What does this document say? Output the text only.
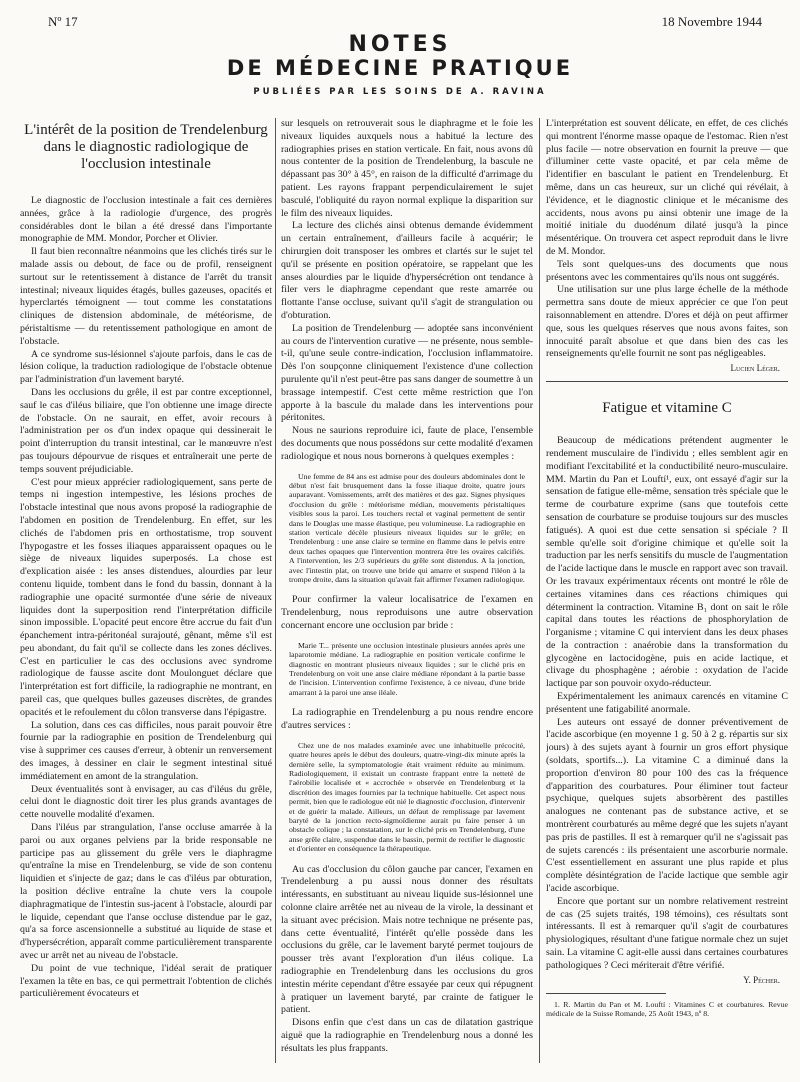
Nº 17	18 Novembre 1944
NOTES
DE MÉDECINE PRATIQUE
PUBLIÉES PAR LES SOINS DE A. RAVINA
L'intérêt de la position de Trendelenburg dans le diagnostic radiologique de l'occlusion intestinale

Le diagnostic de l'occlusion intestinale a fait ces dernières années, grâce à la radiologie d'urgence, des progrès considérables dont le bilan a été dressé dans l'importante monographie de MM. Mondor, Porcher et Olivier.

Il faut bien reconnaître néanmoins que les clichés tirés sur le malade assis ou debout, de face ou de profil, renseignent surtout sur le retentissement à distance de l'arrêt du transit intestinal; niveaux liquides étagés, bulles gazeuses, opacités et hyperclartés témoignent — tout comme les constatations cliniques de distension abdominale, de météorisme, de péristaltisme — du retentissement pathologique en amont de l'obstacle.

A ce syndrome sus-lésionnel s'ajoute parfois, dans le cas de lésion colique, la traduction radiologique de l'obstacle obtenue par l'administration d'un lavement baryté.

Dans les occlusions du grêle, il est par contre exceptionnel, sauf le cas d'iléus biliaire, que l'on obtienne une image directe de l'obstacle. On ne saurait, en effet, avoir recours à l'administration per os d'un index opaque qui dessinerait le point d'interruption du transit intestinal, car le manœuvre n'est pas toujours dépourvue de risques et entraînerait une perte de temps souvent préjudiciable.

C'est pour mieux apprécier radiologiquement, sans perte de temps ni ingestion intempestive, les lésions proches de l'obstacle intestinal que nous avons proposé la radiographie de l'abdomen en position de Trendelenburg. En effet, sur les clichés de l'abdomen pris en orthostatisme, trop souvent l'hypogastre et les fosses iliaques apparaissent opaques ou le siège de niveaux liquides superposés. La chose est d'explication aisée : les anses distendues, alourdies par leur contenu liquide, tombent dans le fond du bassin, donnant à la radiographie une opacité surmontée d'une série de niveaux liquides dont la superposition rend l'interprétation difficile sinon impossible. L'opacité peut encore être accrue du fait d'un épanchement intra-péritonéal surajouté, gênant, même s'il est peu abondant, du fait qu'il se collecte dans les zones déclives. C'est en particulier le cas des occlusions avec syndrome radiologique de fausse ascite dont Moulonguet déclare que l'interprétation est fort difficile, la radiographie ne montrant, en pareil cas, que quelques bulles gazeuses discrètes, de grandes opacités et le refoulement du côlon transverse dans l'épigastre.

La solution, dans ces cas difficiles, nous parait pouvoir être fournie par la radiographie en position de Trendelenburg qui vise à supprimer ces causes d'erreur, à obtenir un renversement des images, à dessiner en clair le segment intestinal situé immédiatement en amont de la strangulation.

Deux éventualités sont à envisager, au cas d'iléus du grêle, celui dont le diagnostic doit tirer les plus grands avantages de cette nouvelle modalité d'examen.

Dans l'iléus par strangulation, l'anse occluse amarrée à la paroi ou aux organes pelviens par la bride responsable ne participe pas au glissement du grêle vers le diaphragme qu'entraîne la mise en Trendelenburg, se vide de son contenu liquidien et s'injecte de gaz; dans le cas d'iléus par obturation, la position déclive entraîne la chute vers la coupole diaphragmatique de l'intestin sus-jacent à l'obstacle, alourdi par le liquide, cependant que l'anse occluse distendue par le gaz, qu'a sa force ascensionnelle a substitué au liquide de stase et d'hypersécrétion, apparaît comme particulièrement transparente avec ur arrêt net au niveau de l'obstacle.

Du point de vue technique, l'idéal serait de pratiquer l'examen la tête en bas, ce qui permettrait l'obtention de clichés particulièrement évocateurs et

sur lesquels on retrouverait sous le diaphragme et le foie les niveaux liquides auxquels nous a habitué la lecture des radiographies prises en station verticale. En fait, nous avons dû nous contenter de la position de Trendelenburg, la bascule ne dépassant pas 30° à 45°, en raison de la difficulté d'arrimage du patient. Les rayons frappant perpendiculairement le sujet basculé, l'obliquité du rayon normal explique la disparition sur le film des niveaux liquides.

La lecture des clichés ainsi obtenus demande évidemment un certain entraînement, d'ailleurs facile à acquérir; le chirurgien doit transposer les ombres et clartés sur le sujet tel qu'il se présente en position opératoire, se rappelant que les anses alourdies par le liquide d'hypersécrétion ont tendance à filer vers le diaphragme cependant que reste amarrée ou flottante l'anse occluse, suivant qu'il s'agit de strangulation ou d'obturation.

La position de Trendelenburg — adoptée sans inconvénient au cours de l'intervention curative — ne présente, nous semble-t-il, qu'une seule contre-indication, l'occlusion inflammatoire. Dès l'on soupçonne cliniquement l'existence d'une collection purulente qu'il n'est peut-être pas sans danger de soumettre à un brassage intempestif. C'est cette même restriction que l'on apporte à la bascule du malade dans les interventions pour péritonites.

Nous ne saurions reproduire ici, faute de place, l'ensemble des documents que nous possédons sur cette modalité d'examen radiologique et nous nous bornerons à quelques exemples :

Une femme de 84 ans est admise pour des douleurs abdominales dont le début n'est fait brusquement dans la fosse iliaque droite, quatre jours auparavant. Vomissements, arrêt des matières et des gaz. Signes physiques d'occlusion du grêle : météorisme médian, mouvements péristaltiques visibles sous la paroi. Les touchers rectal et vaginal permettent de sentir dans le Douglas une masse élastique, peu volumineuse. La radiographie en station verticale décèle plusieurs niveaux liquides sur le grêle; en Trendelenburg : une anse claire se termine en flamme dans le pelvis entre deux taches opaques que l'intervention montrera être les ovaires calcifiés. A l'intervention, les 2/3 supérieurs du grêle sont distendus. A la jonction, avec l'intestin plat, on trouve une bride qui amarre et suspend l'iléon à la trompe droite, dans la situation qu'avait fait affirmer l'examen radiologique.

Pour confirmer la valeur localisatrice de l'examen en Trendelenburg, nous reproduisons une autre observation concernant encore une occlusion par bride :

Marie T... présente une occlusion intestinale plusieurs années après une laparotomie médiane. La radiographie en position verticale confirme le diagnostic en montrant plusieurs niveaux liquides ; sur le cliché pris en Trendelenburg on voit une anse claire médiane répondant à la partie basse de l'incision. L'intervention confirme l'existence, à ce niveau, d'une bride amarrant à la paroi une anse iléale.

La radiographie en Trendelenburg a pu nous rendre encore d'autres services :

Chez une de nos malades examinée avec une inhabituelle précocité, quatre heures après le début des douleurs, quatre-vingt-dix minute après la dernière selle, la symptomatologie était vraiment réduite au minimum. Radiologiquement, il existait un contraste frappant entre la netteté de l'aérobilie localisée et « accrochée » observée en Trendelenburg et la discrétion des images fournies par la technique habituelle. Cet aspect nous permit, bien que le radiologue eût nié le diagnostic d'occlusion, d'intervenir et de guérir la malade. Ailleurs, un défaut de remplissage par lavement baryté de la jonction recto-sigmoïdienne aurait pu faire penser à un obstacle colique ; la constatation, sur le cliché pris en Trendelenburg, d'une anse grêle claire, suspendue dans le bassin, permit de rectifier le diagnostic et d'orienter en conséquence la thérapeutique.

Au cas d'occlusion du côlon gauche par cancer, l'examen en Trendelenburg a pu aussi nous donner des résultats intéressants, en substituant au niveau liquide sus-lésionnel une colonne claire arrêtée net au niveau de la virole, la dessinant et la situant avec précision. Mais notre technique ne présente pas, dans cette éventualité, l'intérêt qu'elle possède dans les occlusions du grêle, car le lavement baryté permet toujours de pousser très avant l'exploration d'un iléus colique. La radiographie en Trendelenburg dans les occlusions du gros intestin mérite cependant d'être essayée par ceux qui répugnent à pratiquer un lavement baryté, par crainte de fatiguer le patient.

Disons enfin que c'est dans un cas de dilatation gastrique aiguë que la radiographie en Trendelenburg nous a donné les résultats les plus frappants.

L'interprétation est souvent délicate, en effet, de ces clichés qui montrent l'énorme masse opaque de l'estomac. Rien n'est plus facile — notre observation en fournit la preuve — que d'illuminer cette vaste opacité, et par cela même de l'identifier en basculant le patient en Trendelenburg. Et même, dans un cas heureux, sur un cliché qui révélait, à l'évidence, et le diagnostic clinique et le mécanisme des accidents, nous avons pu ainsi obtenir une image de la moitié initiale du duodénum dilaté jusqu'à la pince mésentérique. On trouvera cet aspect reproduit dans le livre de M. Mondor.

Tels sont quelques-uns des documents que nous présentons avec les commentaires qu'ils nous ont suggérés.

Une utilisation sur une plus large échelle de la méthode permettra sans doute de mieux apprécier ce que l'on peut raisonnablement en attendre. D'ores et déjà on peut affirmer que, sous les quelques réserves que nous avons faites, son innocuité paraît absolue et que dans bien des cas les renseignements qu'elle fournit ne sont pas négligeables.

Lucien Léger.
Fatigue et vitamine C

Beaucoup de médications prétendent augmenter le rendement musculaire de l'individu ; elles semblent agir en modifiant l'excitabilité et la conductibilité neuro-musculaire. MM. Martin du Pan et Louftí¹, eux, ont essayé d'agir sur la sensation de fatigue elle-même, sensation très spéciale que le terme de courbature exprime (sans que toutefois cette sensation de courbature se produise toujours sur des muscles fatigués). A quoi est due cette sensation si spéciale ? Il semble qu'elle soit d'origine chimique et qu'elle soit la traduction par les nerfs sensitifs du muscle de l'augmentation de l'acide lactique dans le muscle en rapport avec son travail. Or les travaux expérimentaux récents ont montré le rôle de certaines vitamines dans ces réactions chimiques qui déterminent la contraction. Vitamine B₁ dont on sait le rôle capital dans toutes les réactions de phosphorylation de l'organisme ; vitamine C qui intervient dans les deux phases de la contraction : anaérobie dans la transformation du glycogène en lactocidogène, puis en acide lactique, et clivage du phosphagène ; aérobie : oxydation de l'acide lactique par son pouvoir oxydo-réducteur.

Expérimentalement les animaux carencés en vitamine C présentent une fatigabilité anormale.

Les auteurs ont essayé de donner préventivement de l'acide ascorbique (en moyenne 1 g. 50 à 2 g. répartis sur six jours) à des sujets ayant à fournir un gros effort physique (soldats, sportifs...). La vitamine C a diminué dans la proportion d'environ 80 pour 100 des cas la fréquence d'apparition des courbatures. Pour éliminer tout facteur psychique, quelques sujets absorbèrent des pastilles analogues ne contenant pas de substance active, et se montrèrent courbaturés au même degré que les sujets n'ayant pas pris de pastilles. Il est à remarquer qu'il ne s'agissait pas de sujets carencés : ils présentaient une ascorburie normale. C'est essentiellement en assurant une plus rapide et plus complète désintégration de l'acide lactique que semble agir l'acide ascorbique.

Encore que portant sur un nombre relativement restreint de cas (25 sujets traités, 198 témoins), ces résultats sont intéressants. Il est à remarquer qu'il s'agit de courbatures physiologiques, résultant d'une fatigue normale chez un sujet sain. La vitamine C agit-elle aussi dans certaines courbatures pathologiques ? Ceci mériterait d'être vérifié.

Y. Pécher.
1. R. Martin du Pan et M. Louftí : Vitamines C et courbatures. Revue médicale de la Suisse Romande, 25 Août 1943, nº 8.
